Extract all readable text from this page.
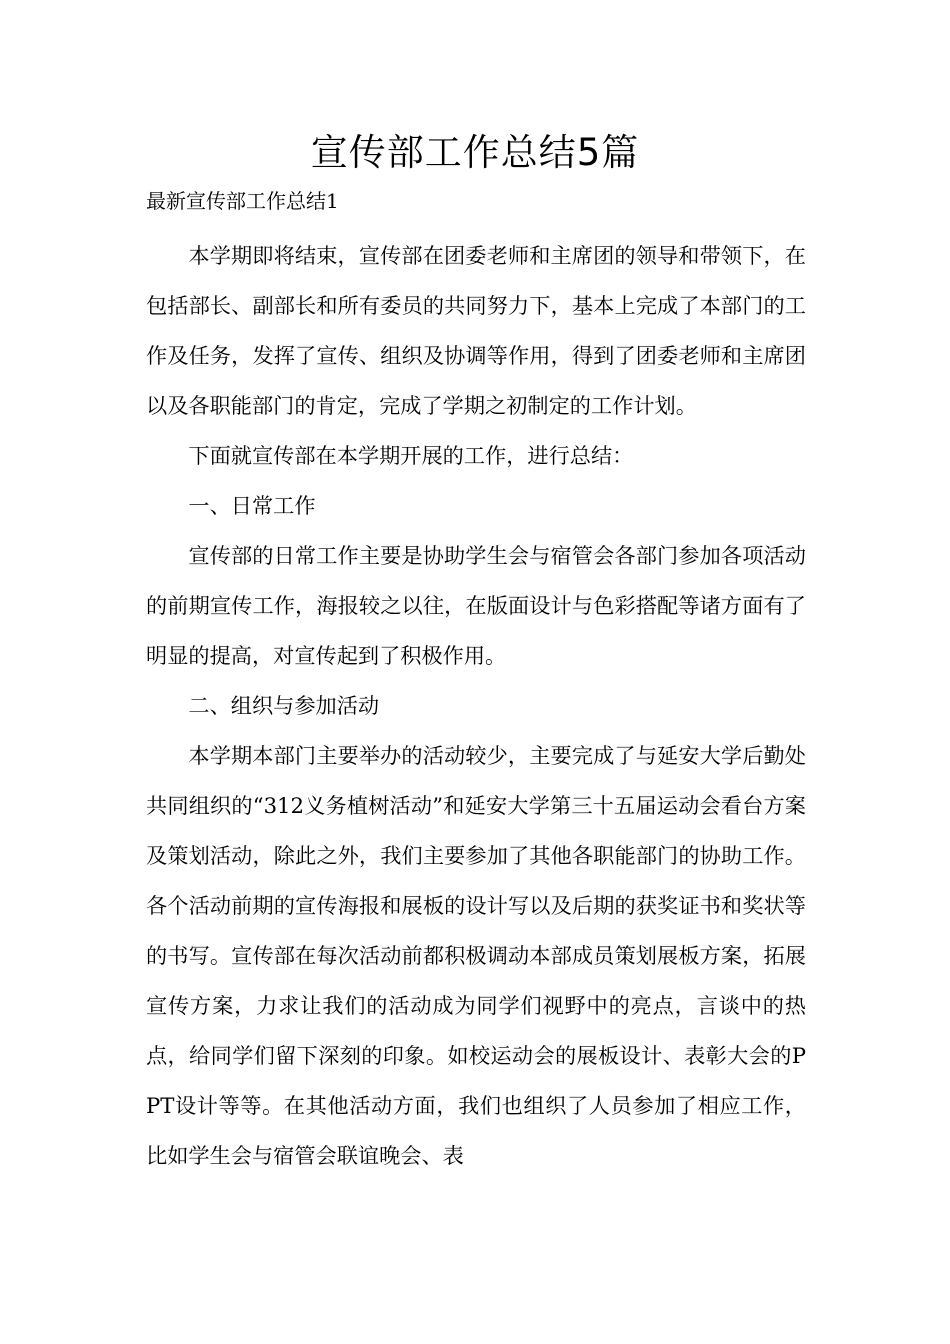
宣传部工作总结5篇

最新宣传部工作总结1

本学期即将结束，宣传部在团委老师和主席团的领导和带领下，在包括部长、副部长和所有委员的共同努力下，基本上完成了本部门的工作及任务，发挥了宣传、组织及协调等作用，得到了团委老师和主席团以及各职能部门的肯定，完成了学期之初制定的工作计划。

下面就宣传部在本学期开展的工作，进行总结：

一、日常工作

宣传部的日常工作主要是协助学生会与宿管会各部门参加各项活动的前期宣传工作，海报较之以往，在版面设计与色彩搭配等诸方面有了明显的提高，对宣传起到了积极作用。

二、组织与参加活动

本学期本部门主要举办的活动较少，主要完成了与延安大学后勤处共同组织的“312义务植树活动”和延安大学第三十五届运动会看台方案及策划活动，除此之外，我们主要参加了其他各职能部门的协助工作。各个活动前期的宣传海报和展板的设计写以及后期的获奖证书和奖状等的书写。宣传部在每次活动前都积极调动本部成员策划展板方案，拓展宣传方案，力求让我们的活动成为同学们视野中的亮点，言谈中的热点，给同学们留下深刻的印象。如校运动会的展板设计、表彰大会的PPT设计等等。在其他活动方面，我们也组织了人员参加了相应工作，比如学生会与宿管会联谊晚会、表
